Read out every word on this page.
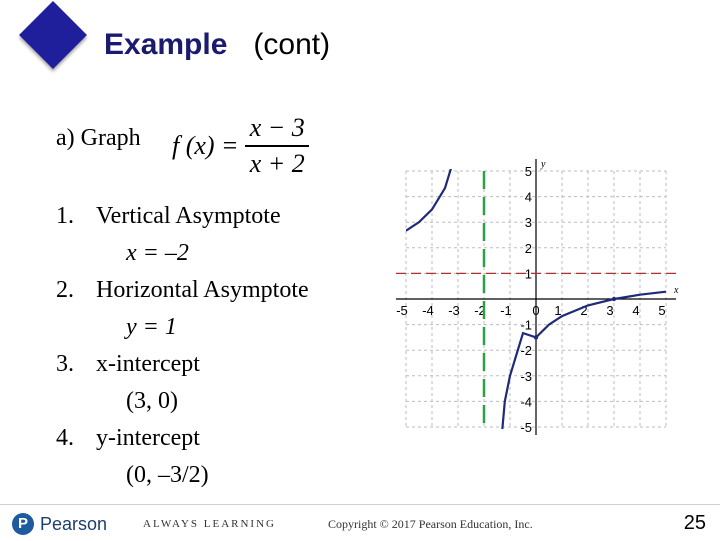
Example (cont)
a) Graph f $(x) = \frac{x - 3}{x + 2}$
1. Vertical Asymptote
x = –2
2. Horizontal Asymptote
y = 1
3. x-intercept
(3, 0)
4. y-intercept
(0, –3/2)
x
y
-5 -4 -3 -2 -1 0 1 2 3 4 5
5
4
3
2
1
-1
-2
-3
-4
-5
P Pearson	ALWAYS LEARNING	Copyright © 2017 Pearson Education, Inc.	25
